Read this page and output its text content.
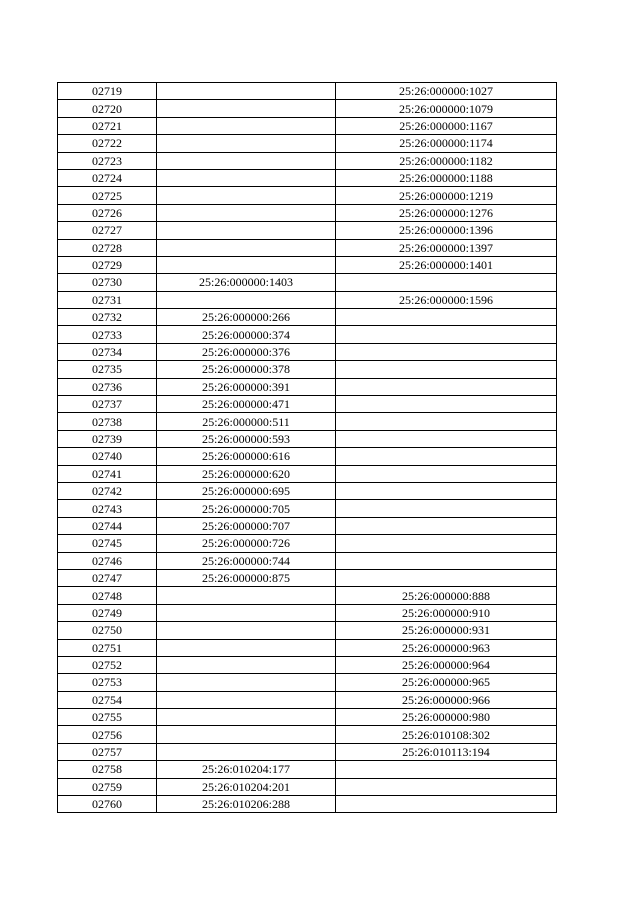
02719		25:26:000000:1027
02720		25:26:000000:1079
02721		25:26:000000:1167
02722		25:26:000000:1174
02723		25:26:000000:1182
02724		25:26:000000:1188
02725		25:26:000000:1219
02726		25:26:000000:1276
02727		25:26:000000:1396
02728		25:26:000000:1397
02729		25:26:000000:1401
02730	25:26:000000:1403	
02731		25:26:000000:1596
02732	25:26:000000:266	
02733	25:26:000000:374	
02734	25:26:000000:376	
02735	25:26:000000:378	
02736	25:26:000000:391	
02737	25:26:000000:471	
02738	25:26:000000:511	
02739	25:26:000000:593	
02740	25:26:000000:616	
02741	25:26:000000:620	
02742	25:26:000000:695	
02743	25:26:000000:705	
02744	25:26:000000:707	
02745	25:26:000000:726	
02746	25:26:000000:744	
02747	25:26:000000:875	
02748		25:26:000000:888
02749		25:26:000000:910
02750		25:26:000000:931
02751		25:26:000000:963
02752		25:26:000000:964
02753		25:26:000000:965
02754		25:26:000000:966
02755		25:26:000000:980
02756		25:26:010108:302
02757		25:26:010113:194
02758	25:26:010204:177	
02759	25:26:010204:201	
02760	25:26:010206:288	
